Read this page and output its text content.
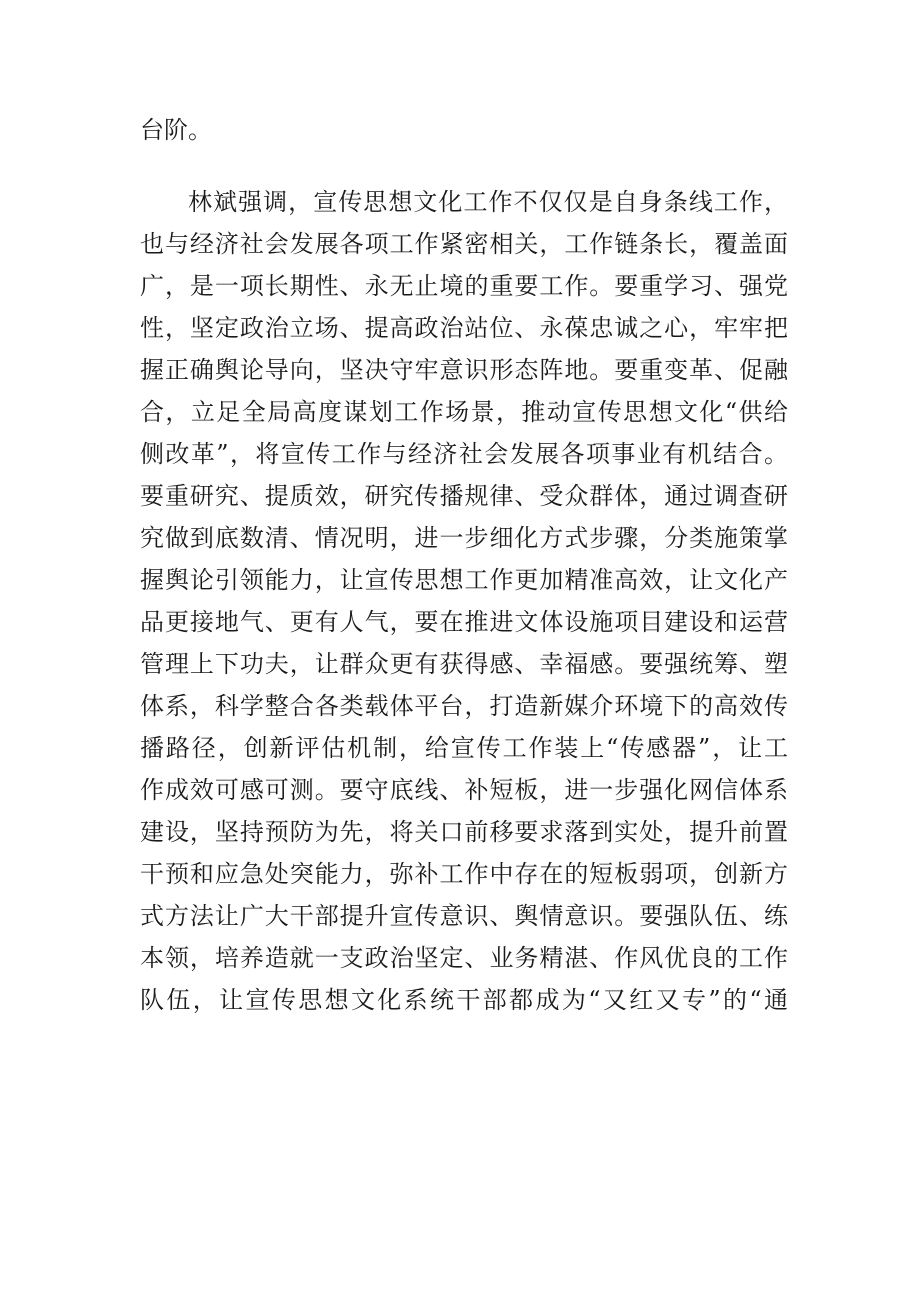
台阶。
林斌强调，宣传思想文化工作不仅仅是自身条线工作，
也与经济社会发展各项工作紧密相关，工作链条长，覆盖面
广，是一项长期性、永无止境的重要工作。要重学习、强党
性，坚定政治立场、提高政治站位、永葆忠诚之心，牢牢把
握正确舆论导向，坚决守牢意识形态阵地。要重变革、促融
合，立足全局高度谋划工作场景，推动宣传思想文化“供给
侧改革”，将宣传工作与经济社会发展各项事业有机结合。
要重研究、提质效，研究传播规律、受众群体，通过调查研
究做到底数清、情况明，进一步细化方式步骤，分类施策掌
握舆论引领能力，让宣传思想工作更加精准高效，让文化产
品更接地气、更有人气，要在推进文体设施项目建设和运营
管理上下功夫，让群众更有获得感、幸福感。要强统筹、塑
体系，科学整合各类载体平台，打造新媒介环境下的高效传
播路径，创新评估机制，给宣传工作装上“传感器”，让工
作成效可感可测。要守底线、补短板，进一步强化网信体系
建设，坚持预防为先，将关口前移要求落到实处，提升前置
干预和应急处突能力，弥补工作中存在的短板弱项，创新方
式方法让广大干部提升宣传意识、舆情意识。要强队伍、练
本领，培养造就一支政治坚定、业务精湛、作风优良的工作
队伍，让宣传思想文化系统干部都成为“又红又专”的“通
